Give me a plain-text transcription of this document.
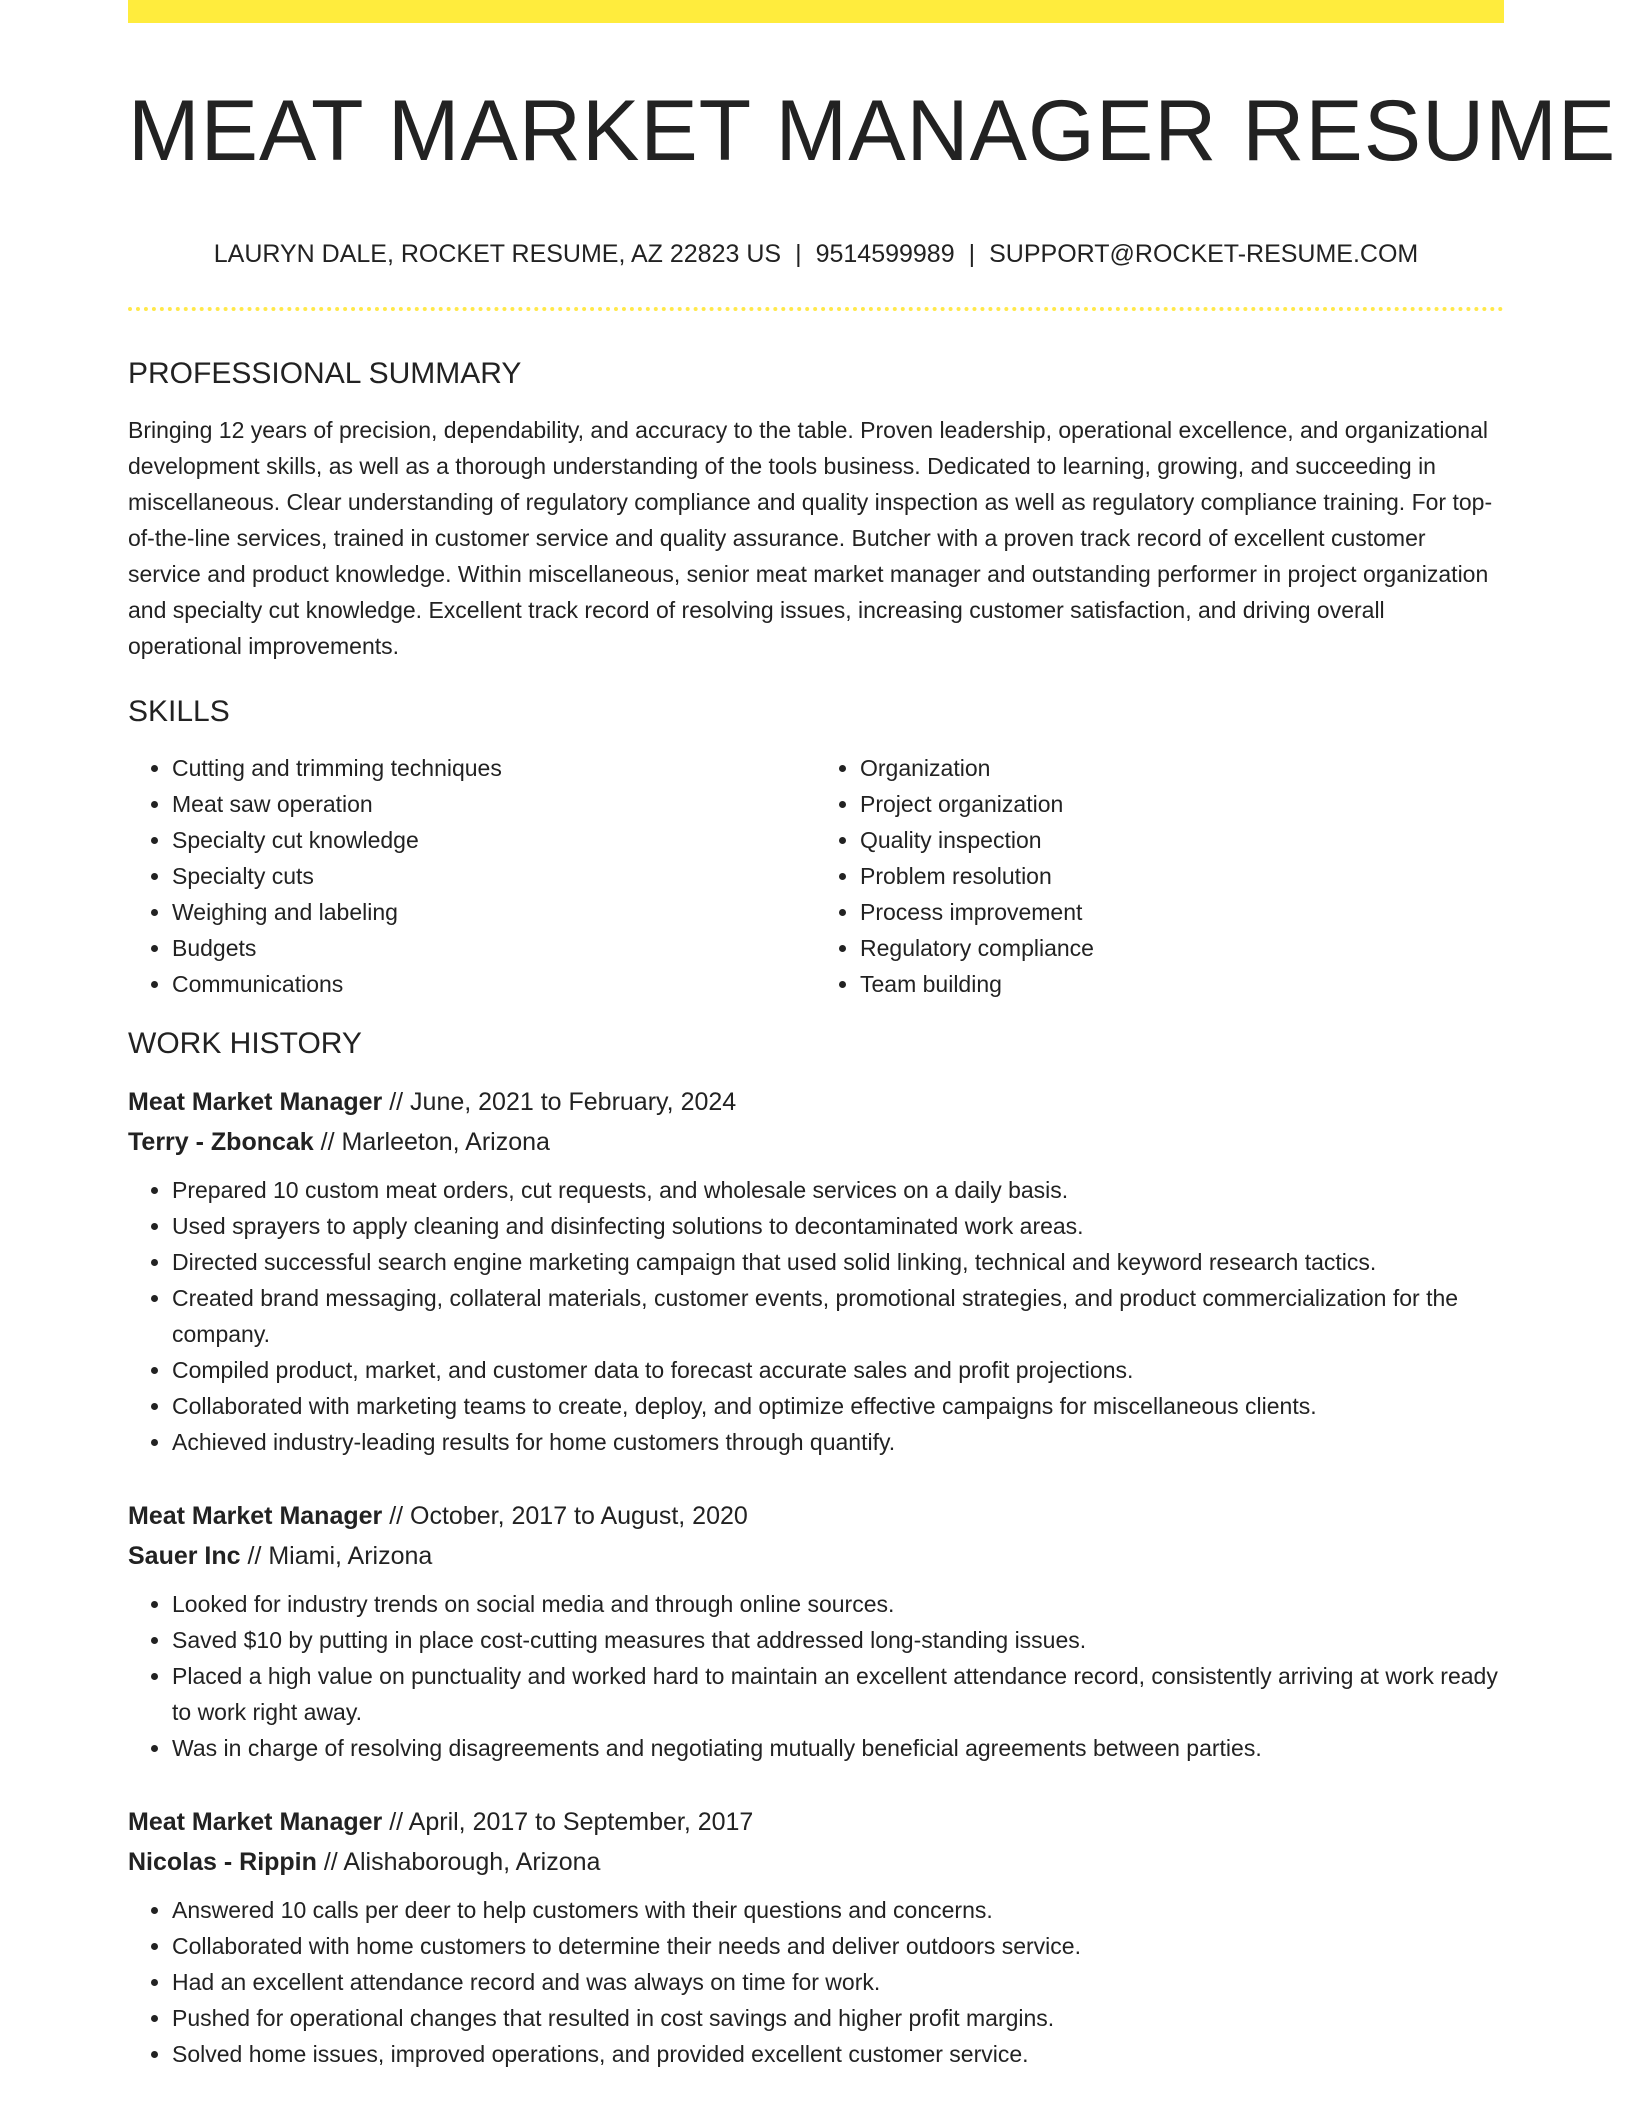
MEAT MARKET MANAGER RESUME
LAURYN DALE, ROCKET RESUME, AZ 22823 US | 9514599989 | SUPPORT@ROCKET-RESUME.COM
PROFESSIONAL SUMMARY

Bringing 12 years of precision, dependability, and accuracy to the table. Proven leadership, operational excellence, and organizational development skills, as well as a thorough understanding of the tools business. Dedicated to learning, growing, and succeeding in miscellaneous. Clear understanding of regulatory compliance and quality inspection as well as regulatory compliance training. For top-of-the-line services, trained in customer service and quality assurance. Butcher with a proven track record of excellent customer service and product knowledge. Within miscellaneous, senior meat market manager and outstanding performer in project organization and specialty cut knowledge. Excellent track record of resolving issues, increasing customer satisfaction, and driving overall operational improvements.

SKILLS
• Cutting and trimming techniques
• Meat saw operation
• Specialty cut knowledge
• Specialty cuts
• Weighing and labeling
• Budgets
• Communications
• Organization
• Project organization
• Quality inspection
• Problem resolution
• Process improvement
• Regulatory compliance
• Team building
WORK HISTORY
Meat Market Manager // June, 2021 to February, 2024
Terry - Zboncak // Marleeton, Arizona
• Prepared 10 custom meat orders, cut requests, and wholesale services on a daily basis.
• Used sprayers to apply cleaning and disinfecting solutions to decontaminated work areas.
• Directed successful search engine marketing campaign that used solid linking, technical and keyword research tactics.
• Created brand messaging, collateral materials, customer events, promotional strategies, and product commercialization for the company.
• Compiled product, market, and customer data to forecast accurate sales and profit projections.
• Collaborated with marketing teams to create, deploy, and optimize effective campaigns for miscellaneous clients.
• Achieved industry-leading results for home customers through quantify.
Meat Market Manager // October, 2017 to August, 2020
Sauer Inc // Miami, Arizona
• Looked for industry trends on social media and through online sources.
• Saved $10 by putting in place cost-cutting measures that addressed long-standing issues.
• Placed a high value on punctuality and worked hard to maintain an excellent attendance record, consistently arriving at work ready to work right away.
• Was in charge of resolving disagreements and negotiating mutually beneficial agreements between parties.
Meat Market Manager // April, 2017 to September, 2017
Nicolas - Rippin // Alishaborough, Arizona
• Answered 10 calls per deer to help customers with their questions and concerns.
• Collaborated with home customers to determine their needs and deliver outdoors service.
• Had an excellent attendance record and was always on time for work.
• Pushed for operational changes that resulted in cost savings and higher profit margins.
• Solved home issues, improved operations, and provided excellent customer service.
